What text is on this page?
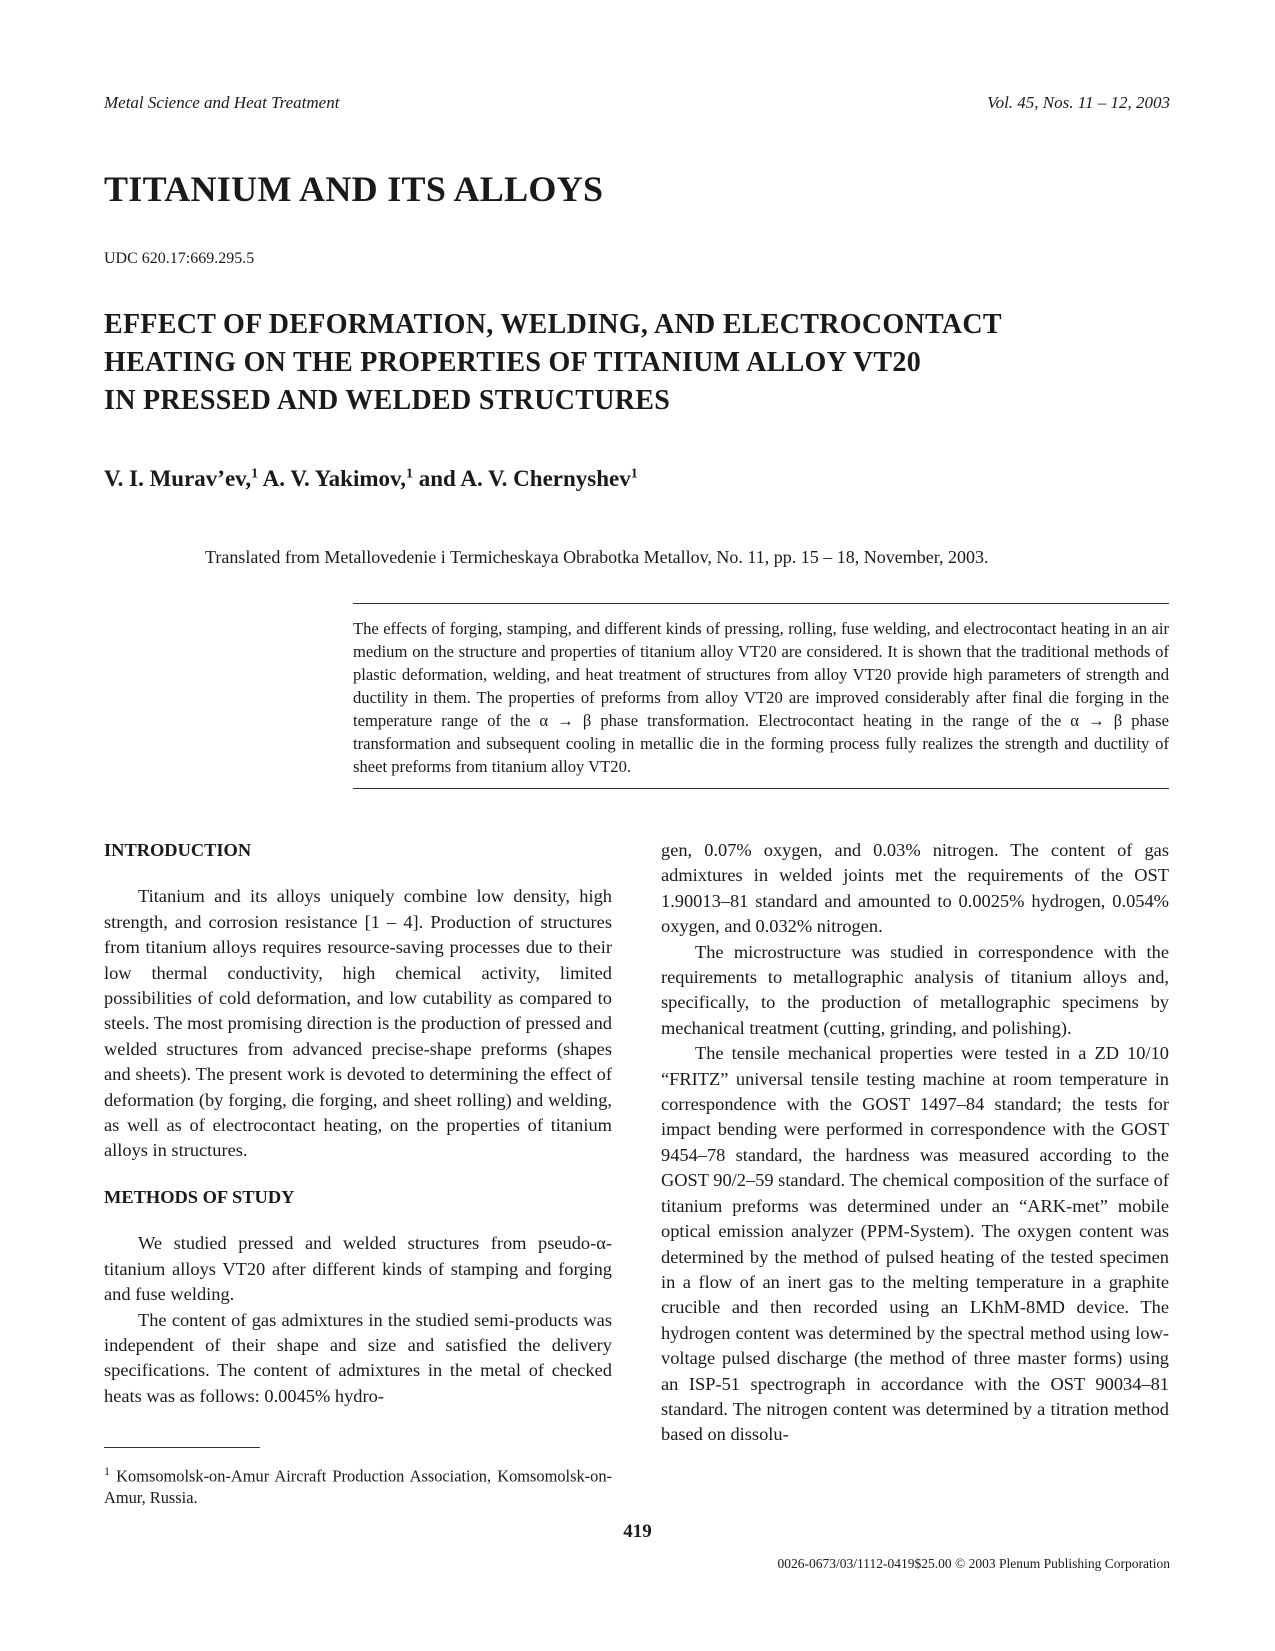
Metal Science and Heat Treatment	Vol. 45, Nos. 11 – 12, 2003
TITANIUM AND ITS ALLOYS
UDC 620.17:669.295.5
EFFECT OF DEFORMATION, WELDING, AND ELECTROCONTACT
HEATING ON THE PROPERTIES OF TITANIUM ALLOY VT20
IN PRESSED AND WELDED STRUCTURES
V. I. Murav’ev,$^1$ A. V. Yakimov,$^1$ and A. V. Chernyshev$^1$
Translated from Metallovedenie i Termicheskaya Obrabotka Metallov, No. 11, pp. 15 – 18, November, 2003.
The effects of forging, stamping, and different kinds of pressing, rolling, fuse welding, and electrocontact heating in an air medium on the structure and properties of titanium alloy VT20 are considered. It is shown that the traditional methods of plastic deformation, welding, and heat treatment of structures from alloy VT20 provide high parameters of strength and ductility in them. The properties of preforms from alloy VT20 are improved considerably after final die forging in the temperature range of the α → β phase transformation. Electrocontact heating in the range of the α → β phase transformation and subsequent cooling in metallic die in the forming process fully realizes the strength and ductility of sheet preforms from titanium alloy VT20.

INTRODUCTION

Titanium and its alloys uniquely combine low density, high strength, and corrosion resistance [1 – 4]. Production of structures from titanium alloys requires resource-saving processes due to their low thermal conductivity, high chemical activity, limited possibilities of cold deformation, and low cutability as compared to steels. The most promising direction is the production of pressed and welded structures from advanced precise-shape preforms (shapes and sheets). The present work is devoted to determining the effect of deformation (by forging, die forging, and sheet rolling) and welding, as well as of electrocontact heating, on the properties of titanium alloys in structures.

METHODS OF STUDY

We studied pressed and welded structures from pseudo-α-titanium alloys VT20 after different kinds of stamping and forging and fuse welding.

The content of gas admixtures in the studied semi-products was independent of their shape and size and satisfied the delivery specifications. The content of admixtures in the metal of checked heats was as follows: 0.0045% hydro-

gen, 0.07% oxygen, and 0.03% nitrogen. The content of gas admixtures in welded joints met the requirements of the OST 1.90013–81 standard and amounted to 0.0025% hydrogen, 0.054% oxygen, and 0.032% nitrogen.

The microstructure was studied in correspondence with the requirements to metallographic analysis of titanium alloys and, specifically, to the production of metallographic specimens by mechanical treatment (cutting, grinding, and polishing).

The tensile mechanical properties were tested in a ZD 10/10 “FRITZ” universal tensile testing machine at room temperature in correspondence with the GOST 1497–84 standard; the tests for impact bending were performed in correspondence with the GOST 9454–78 standard, the hardness was measured according to the GOST 90/2–59 standard. The chemical composition of the surface of titanium preforms was determined under an “ARK-met” mobile optical emission analyzer (PPM-System). The oxygen content was determined by the method of pulsed heating of the tested specimen in a flow of an inert gas to the melting temperature in a graphite crucible and then recorded using an LKhM-8MD device. The hydrogen content was determined by the spectral method using low-voltage pulsed discharge (the method of three master forms) using an ISP-51 spectrograph in accordance with the OST 90034–81 standard. The nitrogen content was determined by a titration method based on dissolu-

$^1$ Komsomolsk-on-Amur Aircraft Production Association, Komsomolsk-on-Amur, Russia.
419
0026-0673/03/1112-0419$25.00 © 2003 Plenum Publishing Corporation
